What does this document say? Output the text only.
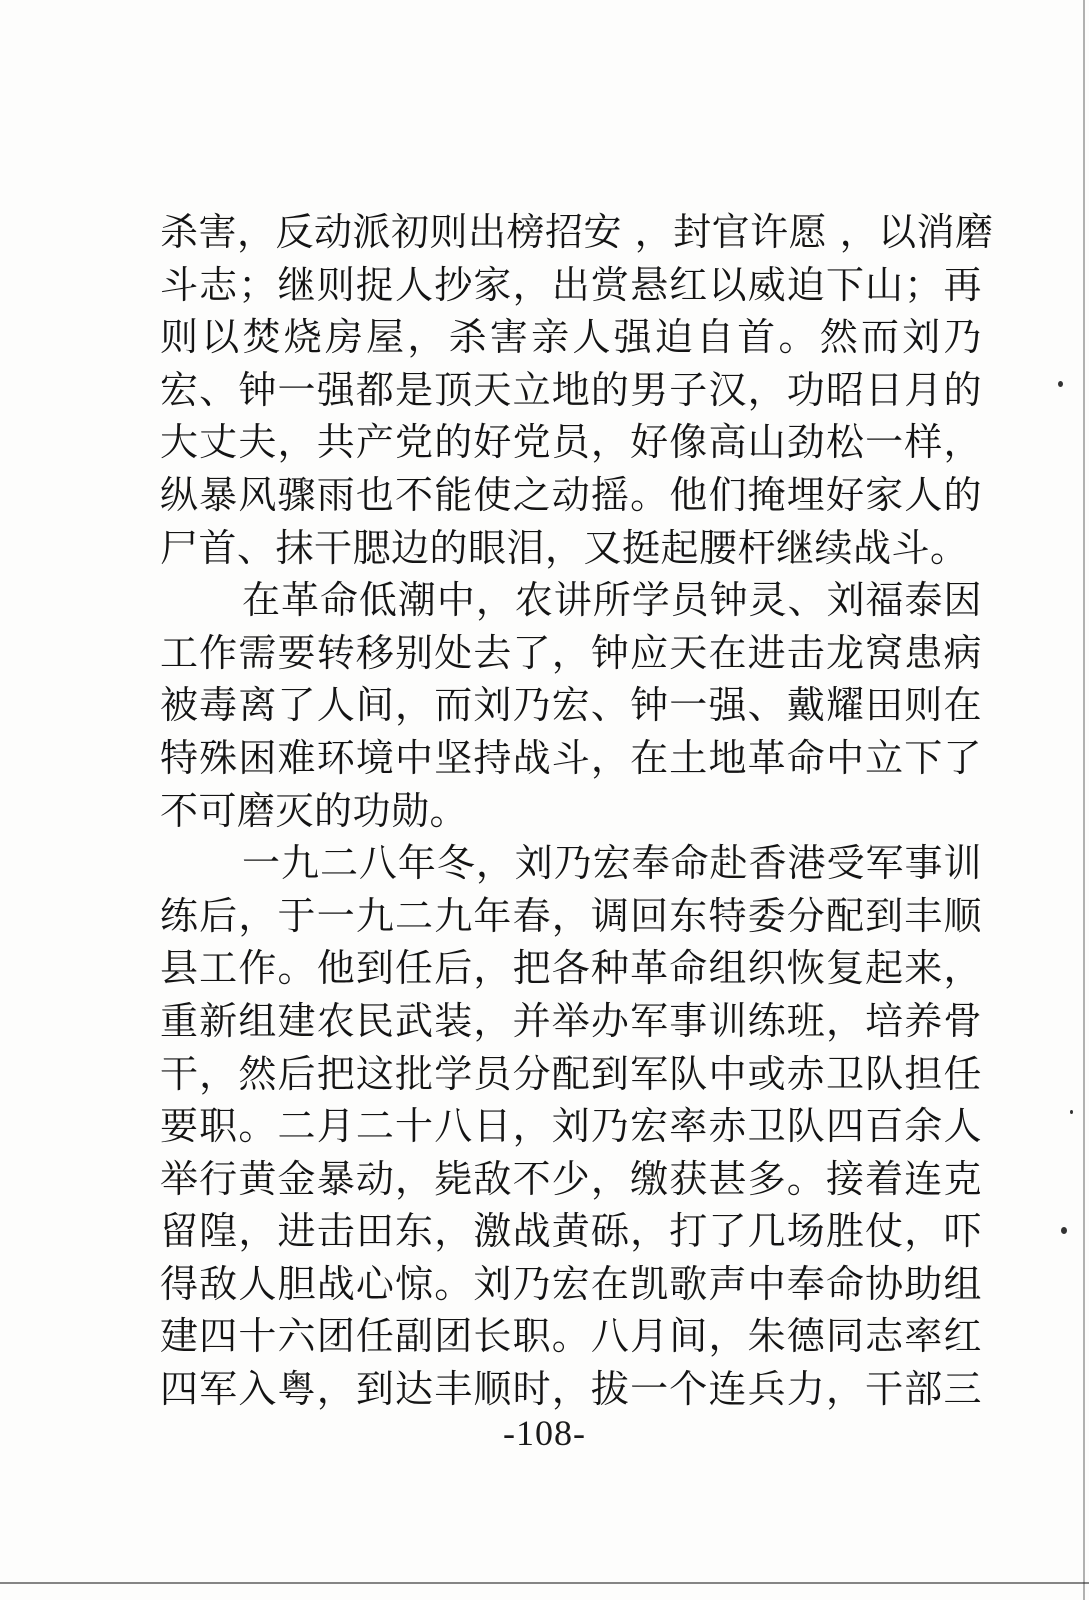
杀害，反动派初则出榜招安 ，封官许愿 ，以消磨
斗志；继则捉人抄家，出赏悬红以威迫下山；再
则以焚烧房屋，杀害亲人强迫自首。然而刘乃
宏、钟一强都是顶天立地的男子汉，功昭日月的
大丈夫，共产党的好党员，好像高山劲松一样，
纵暴风骤雨也不能使之动摇。他们掩埋好家人的
尸首、抹干腮边的眼泪，又挺起腰杆继续战斗。
在革命低潮中，农讲所学员钟灵、刘福泰因
工作需要转移别处去了，钟应天在进击龙窝患病
被毒离了人间，而刘乃宏、钟一强、戴耀田则在
特殊困难环境中坚持战斗，在土地革命中立下了
不可磨灭的功勋。
一九二八年冬，刘乃宏奉命赴香港受军事训
练后，于一九二九年春，调回东特委分配到丰顺
县工作。他到任后，把各种革命组织恢复起来，
重新组建农民武装，并举办军事训练班，培养骨
干，然后把这批学员分配到军队中或赤卫队担任
要职。二月二十八日，刘乃宏率赤卫队四百余人
举行黄金暴动，毙敌不少，缴获甚多。接着连克
留隍，进击田东，激战黄砾，打了几场胜仗，吓
得敌人胆战心惊。刘乃宏在凯歌声中奉命协助组
建四十六团任副团长职。八月间，朱德同志率红
四军入粤，到达丰顺时，拔一个连兵力，干部三
-108-
